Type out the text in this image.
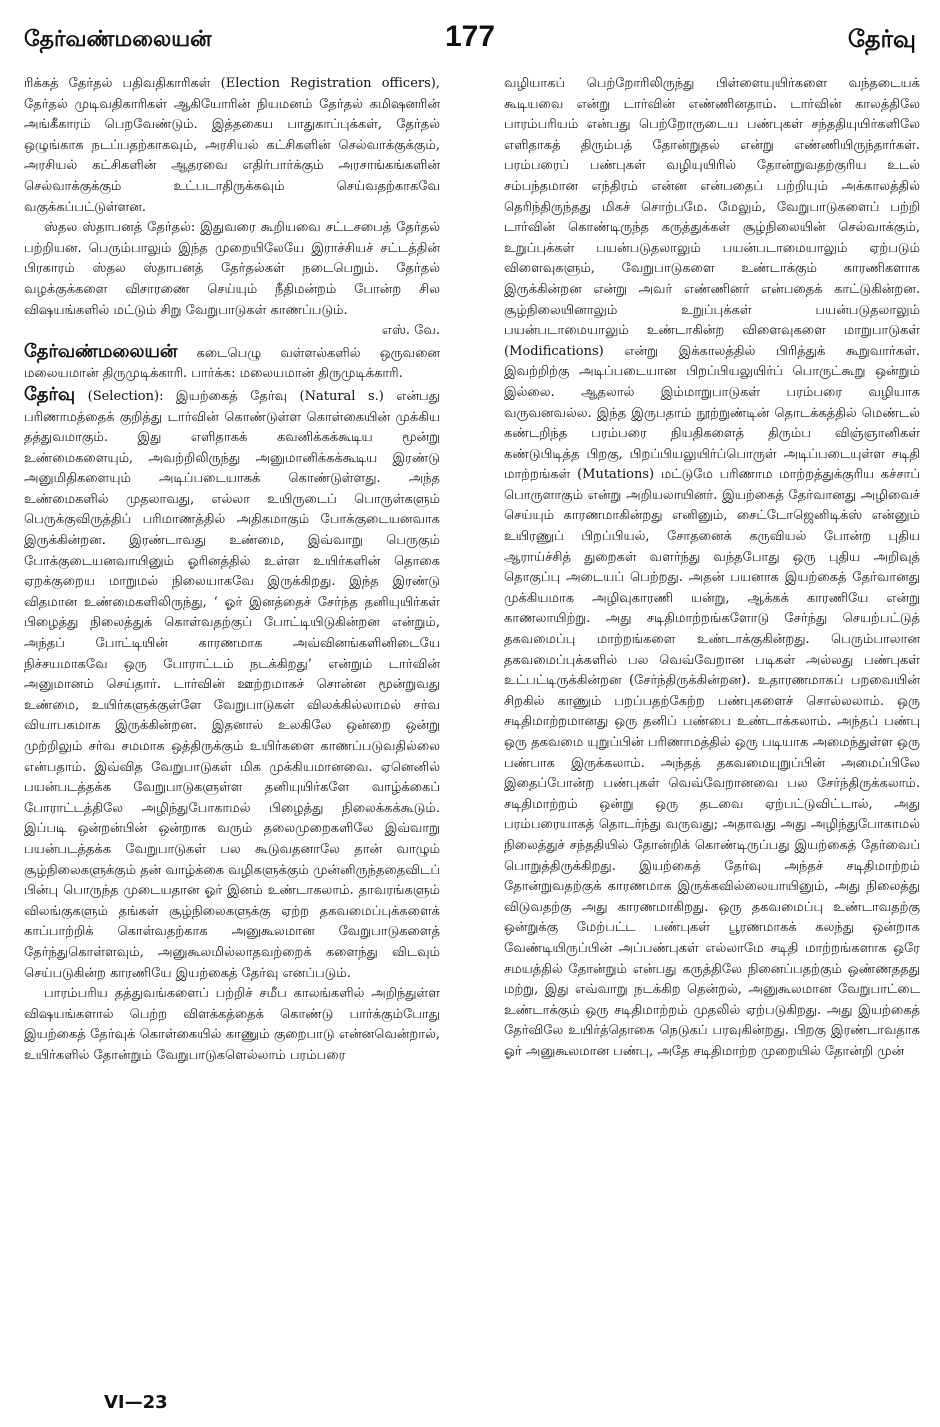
தேர்வண்மலையன்	177	தேர்வு

ரிக்கத் தேர்தல் பதிவதிகாரிகள் (Election Registration officers), தேர்தல் முடிவதிகாரிகள் ஆகியோரின் நியமனம் தேர்தல் கமிஷனரின் அங்கீகாரம் பெறவேண்டும். இத்தகைய பாதுகாப்புக்கள், தேர்தல் ஒழுங்காக நடப்பதற்காகவும், அரசியல் கட்சிகளின் செல்வாக்குக்கும், அரசியல் கட்சிகளின் ஆதரவை எதிர்பார்க்கும் அரசாங்கங்களின் செல்வாக்குக்கும் உட்படாதிருக்கவும் செய்வதற்காகவே வகுக்கப்பட்டுள்ளன.

ஸ்தல ஸ்தாபனத் தேர்தல்: இதுவரை கூறியவை சட்டசபைத் தேர்தல் பற்றியன. பெரும்பாலும் இந்த முறையிலேயே இராச்சியச் சட்டத்தின் பிரகாரம் ஸ்தல ஸ்தாபனத் தேர்தல்கள் நடைபெறும். தேர்தல் வழக்குக்களை விசாரணை செய்யும் நீதிமன்றம் போன்ற சில விஷயங்களில் மட்டும் சிறு வேறுபாடுகள் காணப்படும்.

எஸ். வே.

தேர்வண்மலையன் கடைபெழு வள்ளல்களில் ஒருவனை மலையமான் திருமுடிக்காரி. பார்க்க: மலையமான் திருமுடிக்காரி.

தேர்வு (Selection): இயற்கைத் தேர்வு (Natural s.) என்பது பரிணாமத்தைக் குறித்து டார்வின் கொண்டுள்ள கொள்கையின் முக்கிய தத்துவமாகும். இது எளிதாகக் கவனிக்கக்கூடிய மூன்று உண்மைகளையும், அவற்றிலிருந்து அனுமானிக்கக்கூடிய இரண்டு அனுமிதிகளையும் அடிப்படையாகக் கொண்டுள்ளது. அந்த உண்மைகளில் முதலாவது, எல்லா உயிருடைப் பொருள்களும் பெருக்குவிருத்திப் பரிமாணத்தில் அதிகமாகும் போக்குடையனவாக இருக்கின்றன. இரண்டாவது உண்மை, இவ்வாறு பெருகும் போக்குடையனவாயினும் ஓரினத்தில் உள்ள உயிர்களின் தொகை ஏறக்குறைய மாறுமல் நிலையாகவே இருக்கிறது. இந்த இரண்டு விதமான உண்மைகளிலிருந்து, ‘ ஓர் இனத்தைச் சேர்ந்த தனியுயிர்கள் பிழைத்து நிலைத்துக் கொள்வதற்குப் போட்டியிடுகின்றன என்றும், அந்தப் போட்டியின் காரணமாக அவ்வினங்களினிடையே நிச்சயமாகவே ஒரு போராட்டம் நடக்கிறது’ என்றும் டார்வின் அனுமானம் செய்தார். டார்வின் ஊற்றமாகச் சொன்ன மூன்றுவது உண்மை, உயிர்களுக்குள்ளே வேறுபாடுகள் விலக்கில்லாமல் சர்வ வியாபகமாக இருக்கின்றன. இதனால் உலகிலே ஒன்றை ஒன்று முற்றிலும் சர்வ சமமாக ஒத்திருக்கும் உயிர்களை காணப்படுவதில்லை என்பதாம். இவ்வித வேறுபாடுகள் மிக முக்கியமானவை. ஏனெனில் பயன்படத்தக்க வேறுபாடுகளுள்ள தனியுயிர்களே வாழ்க்கைப் போராட்டத்திலே அழிந்துபோகாமல் பிழைத்து நிலைக்கக்கூடும். இப்படி ஒன்றன்பின் ஒன்றாக வரும் தலைமுறைகளிலே இவ்வாறு பயன்படத்தக்க வேறுபாடுகள் பல கூடுவதனாலே தான் வாழும் சூழ்நிலைகளுக்கும் தன் வாழ்க்கை வழிகளுக்கும் முன்னிருந்ததைவிடப் பின்பு பொருந்த முடையதான ஓர் இனம் உண்டாகலாம். தாவரங்களும் விலங்குகளும் தங்கள் சூழ்நிலைகளுக்கு ஏற்ற தகவமைப்புக்களைக் காப்பாற்றிக் கொள்வதற்காக அனுகூலமான வேறுபாடுகளைத் தேர்ந்துகொள்ளவும், அனுகூலமில்லாதவற்றைக் களைந்து விடவும் செய்படுகின்ற காரணியே இயற்கைத் தேர்வு எனப்படும்.

பாரம்பரிய தத்துவங்களைப் பற்றிச் சமீப காலங்களில் அறிந்துள்ள விஷயங்களால் பெற்ற விளக்கத்தைக் கொண்டு பார்க்கும்போது இயற்கைத் தேர்வுக் கொள்கையில் காணும் குறைபாடு என்னவென்றால், உயிர்களில் தோன்றும் வேறுபாடுகளெல்லாம் பரம்பரை

வழியாகப் பெற்றோரிலிருந்து பிள்ளையுயிர்களை வந்தடையக் கூடியவை என்று டார்வின் எண்ணினதாம். டார்வின் காலத்திலே பாரம்பரியம் என்பது பெற்றோருடைய பண்புகள் சந்ததியுயிர்களிலே எளிதாகத் திரும்பத் தோன்றுதல் என்று எண்ணியிருந்தார்கள். பரம்பரைப் பண்புகள் வழியுயிரில் தோன்றுவதற்குரிய உடல் சம்பந்தமான எந்திரம் என்ன என்பதைப் பற்றியும் அக்காலத்தில் தெரிந்திருந்தது மிகச் சொற்பமே. மேலும், வேறுபாடுகளைப் பற்றி டார்வின் கொண்டிருந்த கருத்துக்கள் சூழ்நிலையின் செல்வாக்கும், உறுப்புக்கள் பயன்படுதலாலும் பயன்படாமையாலும் ஏற்படும் விளைவுகளும், வேறுபாடுகளை உண்டாக்கும் காரணிகளாக இருக்கின்றன என்று அவர் எண்ணினர் என்பதைக் காட்டுகின்றன. சூழ்நிலையினாலும் உறுப்புக்கள் பயன்படுதலாலும் பயன்படாமையாலும் உண்டாகின்ற விளைவுகளை மாறுபாடுகள் (Modifications) என்று இக்காலத்தில் பிரித்துக் கூறுவார்கள். இவற்றிற்கு அடிப்படையான பிறப்பியலுயிர்ப் பொருட்கூறு ஒன்றும் இல்லை. ஆதலால் இம்மாறுபாடுகள் பரம்பரை வழியாக வருவனவல்ல. இந்த இருபதாம் நூற்றுண்டின் தொடக்கத்தில் மெண்டல் கண்டறிந்த பரம்பரை நியதிகளைத் திரும்ப விஞ்ஞானிகள் கண்டுபிடித்த பிறகு, பிறப்பியலுயிர்ப்பொருள் அடிப்படையுள்ள சடிதி மாற்றங்கள் (Mutations) மட்டுமே பரிணாம மாற்றத்துக்குரிய கச்சாப் பொருளாகும் என்று அறியலாயினர். இயற்கைத் தேர்வானது அழிவைச் செய்யும் காரணமாகின்றது எனினும், சைட்டோஜெனிடிக்ஸ் என்னும் உயிரணுப் பிறப்பியல், சோதனைக் கருவியல் போன்ற புதிய ஆராய்ச்சித் துறைகள் வளர்ந்து வந்தபோது ஒரு புதிய அறிவுத் தொகுப்பு அடையப் பெற்றது. அதன் பயனாக இயற்கைத் தேர்வானது முக்கியமாக அழிவுகாரணி யன்று, ஆக்கக் காரணியே என்று காணலாயிற்று. அது சடிதிமாற்றங்களோடு சேர்ந்து செயற்பட்டுத் தகவமைப்பு மாற்றங்களை உண்டாக்குகின்றது. பெரும்பாலான தகவமைப்புக்களில் பல வெவ்வேறான படிகள் அல்லது பண்புகள் உட்பட்டிருக்கின்றன (சேர்ந்திருக்கின்றன). உதாரணமாகப் பறவையின் சிறகில் காணும் பறப்பதற்கேற்ற பண்புகளைச் சொல்லலாம். ஒரு சடிதிமாற்றமானது ஒரு தனிப் பண்பை உண்டாக்கலாம். அந்தப் பண்பு ஒரு தகவமை யுறுப்பின் பரிணாமத்தில் ஒரு படியாக அமைந்துள்ள ஒரு பண்பாக இருக்கலாம். அந்தத் தகவமையுறுப்பின் அமைப்பிலே இதைப்போன்ற பண்புகள் வெவ்வேறானவை பல சேர்ந்திருக்கலாம். சடிதிமாற்றம் ஒன்று ஒரு தடவை ஏற்பட்டுவிட்டால், அது பரம்பரையாகத் தொடர்ந்து வருவது; அதாவது அது அழிந்துபோகாமல் நிலைத்துச் சந்ததியில் தோன்றிக் கொண்டிருப்பது இயற்கைத் தேர்வைப் பொறுத்திருக்கிறது. இயற்கைத் தேர்வு அந்தச் சடிதிமாற்றம் தோன்றுவதற்குக் காரணமாக இருக்கவில்லையாயினும், அது நிலைத்து விடுவதற்கு அது காரணமாகிறது. ஒரு தகவமைப்பு உண்டாவதற்கு ஒன்றுக்கு மேற்பட்ட பண்புகள் பூரணமாகக் கலந்து ஒன்றாக வேண்டியிருப்பின் அப்பண்புகள் எல்லாமே சடிதி மாற்றங்களாக ஒரே சமயத்தில் தோன்றும் என்பது கருத்திலே நினைப்பதற்கும் ஒண்ணததது மற்று, இது எவ்வாறு நடக்கிற தென்றல், அனுகூலமான வேறுபாட்டை உண்டாக்கும் ஒரு சடிதிமாற்றம் முதலில் ஏற்படுகிறது. அது இயற்கைத் தேர்விலே உயிர்த்தொகை நெடுகப் பரவுகின்றது. பிறகு இரண்டாவதாக ஓர் அனுகூலமான பண்பு, அதே சடிதிமாற்ற முறையில் தோன்றி முன்

VI—23
